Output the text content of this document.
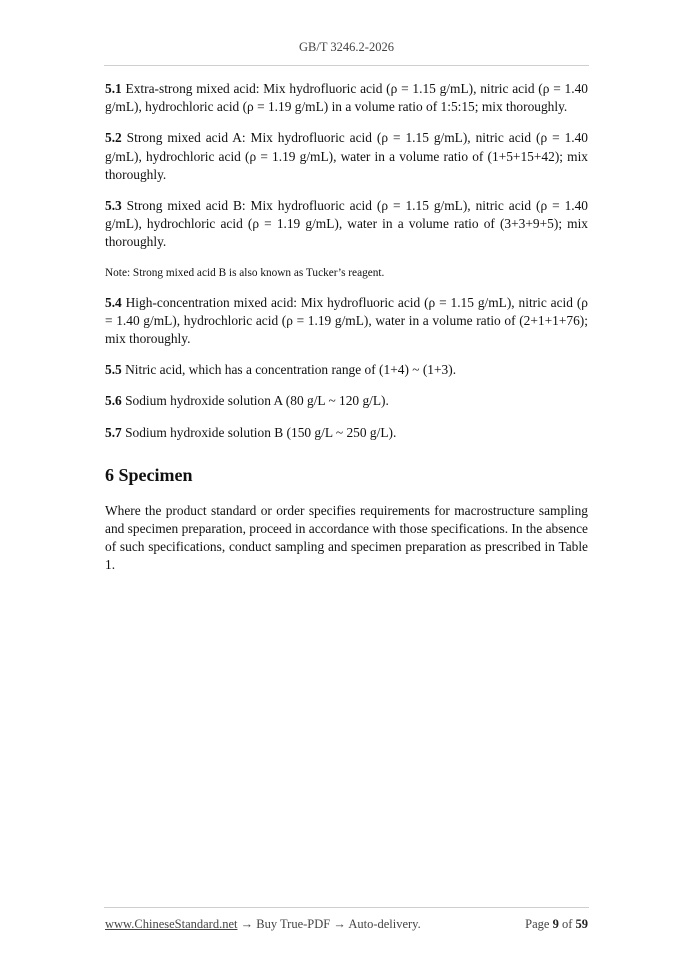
GB/T 3246.2-2026

5.1 Extra-strong mixed acid: Mix hydrofluoric acid (ρ = 1.15 g/mL), nitric acid (ρ = 1.40 g/mL), hydrochloric acid (ρ = 1.19 g/mL) in a volume ratio of 1:5:15; mix thoroughly.

5.2 Strong mixed acid A: Mix hydrofluoric acid (ρ = 1.15 g/mL), nitric acid (ρ = 1.40 g/mL), hydrochloric acid (ρ = 1.19 g/mL), water in a volume ratio of (1+5+15+42); mix thoroughly.

5.3 Strong mixed acid B: Mix hydrofluoric acid (ρ = 1.15 g/mL), nitric acid (ρ = 1.40 g/mL), hydrochloric acid (ρ = 1.19 g/mL), water in a volume ratio of (3+3+9+5); mix thoroughly.

Note: Strong mixed acid B is also known as Tucker’s reagent.

5.4 High-concentration mixed acid: Mix hydrofluoric acid (ρ = 1.15 g/mL), nitric acid (ρ = 1.40 g/mL), hydrochloric acid (ρ = 1.19 g/mL), water in a volume ratio of (2+1+1+76); mix thoroughly.

5.5 Nitric acid, which has a concentration range of (1+4) ~ (1+3).

5.6 Sodium hydroxide solution A (80 g/L ~ 120 g/L).

5.7 Sodium hydroxide solution B (150 g/L ~ 250 g/L).

6 Specimen

Where the product standard or order specifies requirements for macrostructure sampling and specimen preparation, proceed in accordance with those specifications. In the absence of such specifications, conduct sampling and specimen preparation as prescribed in Table 1.

www.ChineseStandard.net → Buy True-PDF → Auto-delivery.	Page 9 of 59
